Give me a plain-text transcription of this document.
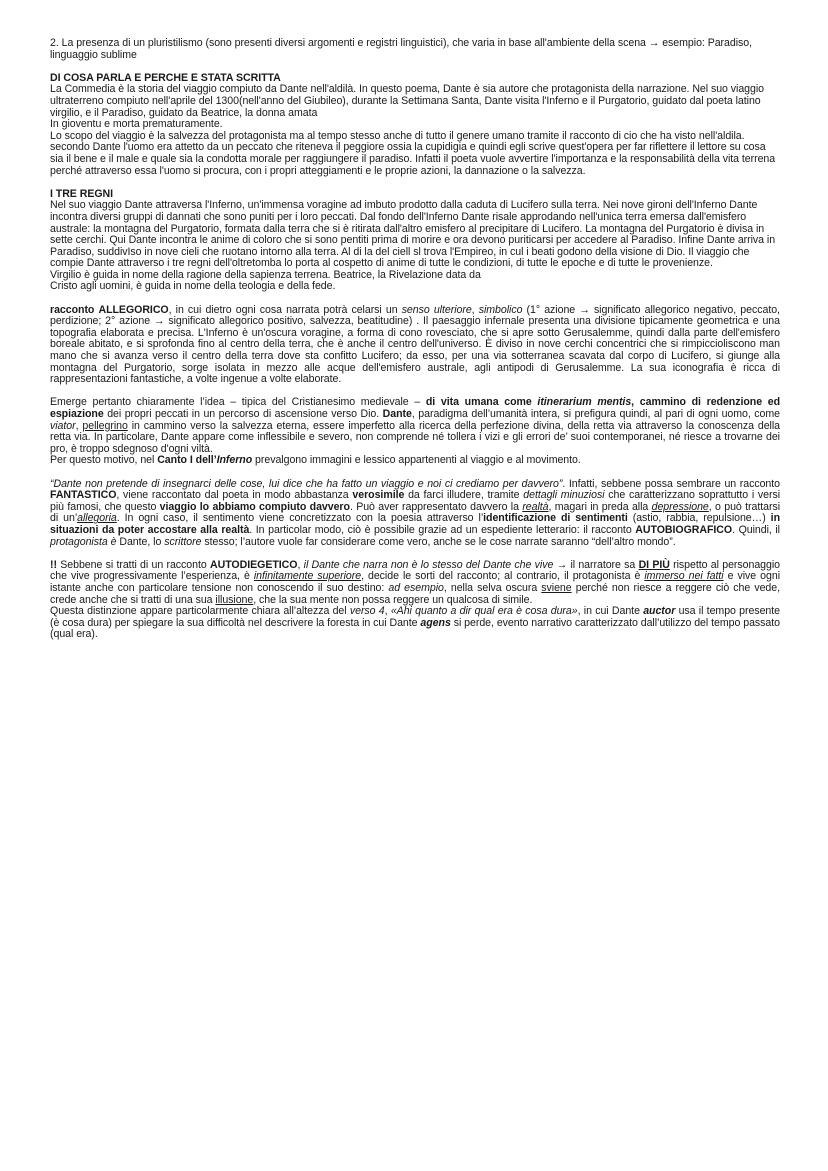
2. La presenza di un pluristilismo (sono presenti diversi argomenti e registri linguistici), che varia in base all'ambiente della scena → esempio: Paradiso, linguaggio sublime

DI COSA PARLA E PERCHE E STATA SCRITTA

La Commedia è la storia del viaggio compiuto da Dante nell'aldilà. In questo poema, Dante è sia autore che protagonista della narrazione. Nel suo viaggio ultraterreno compiuto nell'aprile del 1300(nell'anno del Giubileo), durante la Settimana Santa, Dante visita l'Inferno e il Purgatorio, guidato dal poeta latino virgilio, e il Paradiso, guidato da Beatrice, la donna amata

In gioventu e morta prematuramente.

Lo scopo del viaggio è la salvezza del protagonista ma al tempo stesso anche di tutto il genere umano tramite il racconto di cio che ha visto nell'aldila. secondo Dante l'uomo era attetto da un peccato che riteneva il peggiore ossia la cupidigia e quindi egli scrive quest'opera per far riflettere il lettore su cosa sia il bene e il male e quale sia la condotta morale per raggiungere il paradiso. Infatti il poeta vuole avvertire l'importanza e la responsabilità della vita terrena perché attraverso essa l'uomo si procura, con i propri atteggiamenti e le proprie azioni, la dannazione o la salvezza.

I TRE REGNI

Nel suo viaggio Dante attraversa l'Inferno, un'immensa voragine ad imbuto prodotto dalla caduta di Lucifero sulla terra. Nei nove gironi dell'Inferno Dante incontra diversi gruppi di dannati che sono puniti per i loro peccati. Dal fondo dell'Inferno Dante risale approdando nell'unica terra emersa dall'emisfero australe: la montagna del Purgatorio, formata dalla terra che si è ritirata dall'altro emisfero al precipitare di Lucifero. La montagna del Purgatorio è divisa in sette cerchi. Qui Dante incontra le anime di coloro che si sono pentiti prima di morire e ora devono puriticarsi per accedere al Paradiso. Infine Dante arriva in Paradiso, suddivIso in nove cieli che ruotano intorno alla terra. Al di la del ciell sl trova l'Empireo, in cul i beati godono della visione di Dio. Il viaggio che compie Dante attraverso i tre regni dell'oltretomba lo porta al cospetto di anime di tutte le condizioni, di tutte le epoche e di tutte le provenienze.

Virgilio è guida in nome della ragione della sapienza terrena. Beatrice, la Rivelazione data da
Cristo agli uomini, è guida in nome della teologia e della fede.

racconto ALLEGORICO, in cui dietro ogni cosa narrata potrà celarsi un senso ulteriore, simbolico (1° azione → significato allegorico negativo, peccato, perdizione; 2° azione → significato allegorico positivo, salvezza, beatitudine) . Il paesaggio infernale presenta una divisione tipicamente geometrica e una topografia elaborata e precisa. L'Inferno è un'oscura voragine, a forma di cono rovesciato, che si apre sotto Gerusalemme, quindi dalla parte dell'emisfero boreale abitato, e si sprofonda fino al centro della terra, che è anche il centro dell'universo. È diviso in nove cerchi concentrici che si rimpicciolisconο man mano che si avanza verso il centro della terra dove sta confitto Lucifero; da esso, per una via sotterranea scavata dal corpo di Lucifero, si giunge alla montagna del Purgatorio, sorge isolata in mezzo alle acque dell'emisfero australe, agli antipodi di Gerusalemme. La sua iconografia è ricca di rappresentazioni fantastiche, a volte ingenue a volte elaborate.

Emerge pertanto chiaramente l’idea – tipica del Cristianesimo medievale – di vita umana come itinerarium mentis, cammino di redenzione ed espiazione dei propri peccati in un percorso di ascensione verso Dio. Dante, paradigma dell’umanità intera, si prefigura quindi, al pari di ogni uomo, come viator, pellegrino in cammino verso la salvezza eterna, essere imperfetto alla ricerca della perfezione divina, della retta via attraverso la conoscenza della retta via. In particolare, Dante appare come inflessibile e severo, non comprende né tollera i vizi e gli errori de’ suoi contemporanei, né riesce a trovarne dei pro, è troppo sdegnoso d'ogni viltà.

Per questo motivo, nel Canto I dell’Inferno prevalgono immagini e lessico appartenenti al viaggio e al movimento.

“Dante non pretende di insegnarci delle cose, lui dice che ha fatto un viaggio e noi ci crediamo per davvero”. Infatti, sebbene possa sembrare un racconto FANTASTICO, viene raccontato dal poeta in modo abbastanza verosimile da farci illudere, tramite dettagli minuziosi che caratterizzano soprattutto i versi più famosi, che questo viaggio lo abbiamo compiuto davvero. Può aver rappresentato davvero la realtà, magari in preda alla depressione, o può trattarsi di un’allegoria. In ogni caso, il sentimento viene concretizzato con la poesia attraverso l’identificazione di sentimenti (astio, rabbia, repulsione…) in situazioni da poter accostare alla realtà. In particolar modo, ciò è possibile grazie ad un espediente letterario: il racconto AUTOBIOGRAFICO. Quindi, il protagonista è Dante, lo scrittore stesso; l’autore vuole far considerare come vero, anche se le cose narrate saranno “dell’altro mondo”.

!! Sebbene si tratti di un racconto AUTODIEGETICO, il Dante che narra non è lo stesso del Dante che vive → il narratore sa DI PIÙ rispetto al personaggio che vive progressivamente l’esperienza, è infinitamente superiore, decide le sorti del racconto; al contrario, il protagonista è immerso nei fatti e vive ogni istante anche con particolare tensione non conoscendo il suo destino: ad esempio, nella selva oscura sviene perché non riesce a reggere ciò che vede, crede anche che si tratti di una sua illusione, che la sua mente non possa reggere un qualcosa di simile.

Questa distinzione appare particolarmente chiara all’altezza del verso 4, «Ahi quanto a dir qual era è cosa dura», in cui Dante auctor usa il tempo presente (è cosa dura) per spiegare la sua difficoltà nel descrivere la foresta in cui Dante agens si perde, evento narrativo caratterizzato dall’utilizzo del tempo passato (qual era).
